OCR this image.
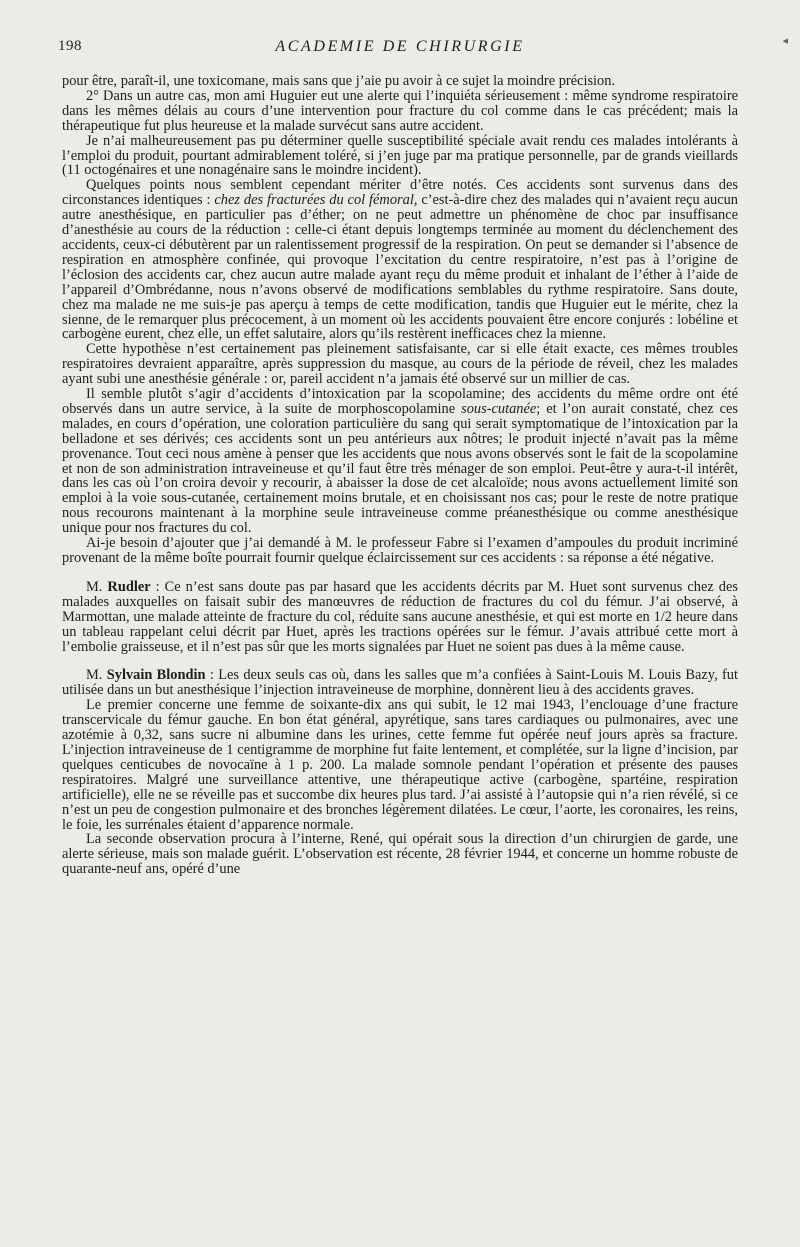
198	ACADEMIE DE CHIRURGIE	◂

pour être, paraît-il, une toxicomane, mais sans que j’aie pu avoir à ce sujet la moindre précision.

2° Dans un autre cas, mon ami Huguier eut une alerte qui l’inquiéta sérieusement : même syndrome respiratoire dans les mêmes délais au cours d’une intervention pour fracture du col comme dans le cas précédent; mais la thérapeutique fut plus heureuse et la malade survécut sans autre accident.

Je n’ai malheureusement pas pu déterminer quelle susceptibilité spéciale avait rendu ces malades intolérants à l’emploi du produit, pourtant admirablement toléré, si j’en juge par ma pratique personnelle, par de grands vieillards (11 octogénaires et une nonagénaire sans le moindre incident).

Quelques points nous semblent cependant mériter d’être notés. Ces accidents sont survenus dans des circonstances identiques : chez des fracturées du col fémoral, c’est-à-dire chez des malades qui n’avaient reçu aucun autre anesthésique, en particulier pas d’éther; on ne peut admettre un phénomène de choc par insuffisance d’anesthésie au cours de la réduction : celle-ci étant depuis longtemps terminée au moment du déclenchement des accidents, ceux-ci débutèrent par un ralentissement progressif de la respiration. On peut se demander si l’absence de respiration en atmosphère confinée, qui provoque l’excitation du centre respiratoire, n’est pas à l’origine de l’éclosion des accidents car, chez aucun autre malade ayant reçu du même produit et inhalant de l’éther à l’aide de l’appareil d’Ombrédanne, nous n’avons observé de modifications semblables du rythme respiratoire. Sans doute, chez ma malade ne me suis-je pas aperçu à temps de cette modification, tandis que Huguier eut le mérite, chez la sienne, de le remarquer plus précocement, à un moment où les accidents pouvaient être encore conjurés : lobéline et carbogène eurent, chez elle, un effet salutaire, alors qu’ils restèrent inefficaces chez la mienne.

Cette hypothèse n’est certainement pas pleinement satisfaisante, car si elle était exacte, ces mêmes troubles respiratoires devraient apparaître, après suppression du masque, au cours de la période de réveil, chez les malades ayant subi une anesthésie générale : or, pareil accident n’a jamais été observé sur un millier de cas.

Il semble plutôt s’agir d’accidents d’intoxication par la scopolamine; des accidents du même ordre ont été observés dans un autre service, à la suite de morphoscopolamine sous-cutanée; et l’on aurait constaté, chez ces malades, en cours d’opération, une coloration particulière du sang qui serait symptomatique de l’intoxication par la belladone et ses dérivés; ces accidents sont un peu antérieurs aux nôtres; le produit injecté n’avait pas la même provenance. Tout ceci nous amène à penser que les accidents que nous avons observés sont le fait de la scopolamine et non de son administration intraveineuse et qu’il faut être très ménager de son emploi. Peut-être y aura-t-il intérêt, dans les cas où l’on croira devoir y recourir, à abaisser la dose de cet alcaloïde; nous avons actuellement limité son emploi à la voie sous-cutanée, certainement moins brutale, et en choisissant nos cas; pour le reste de notre pratique nous recourons maintenant à la morphine seule intraveineuse comme préanesthésique ou comme anesthésique unique pour nos fractures du col.

Ai-je besoin d’ajouter que j’ai demandé à M. le professeur Fabre si l’examen d’ampoules du produit incriminé provenant de la même boîte pourrait fournir quelque éclaircissement sur ces accidents : sa réponse a été négative.

M. Rudler : Ce n’est sans doute pas par hasard que les accidents décrits par M. Huet sont survenus chez des malades auxquelles on faisait subir des manœuvres de réduction de fractures du col du fémur. J’ai observé, à Marmottan, une malade atteinte de fracture du col, réduite sans aucune anesthésie, et qui est morte en 1/2 heure dans un tableau rappelant celui décrit par Huet, après les tractions opérées sur le fémur. J’avais attribué cette mort à l’embolie graisseuse, et il n’est pas sûr que les morts signalées par Huet ne soient pas dues à la même cause.

M. Sylvain Blondin : Les deux seuls cas où, dans les salles que m’a confiées à Saint-Louis M. Louis Bazy, fut utilisée dans un but anesthésique l’injection intraveineuse de morphine, donnèrent lieu à des accidents graves.

Le premier concerne une femme de soixante-dix ans qui subit, le 12 mai 1943, l’enclouage d’une fracture transcervicale du fémur gauche. En bon état général, apyrétique, sans tares cardiaques ou pulmonaires, avec une azotémie à 0,32, sans sucre ni albumine dans les urines, cette femme fut opérée neuf jours après sa fracture. L’injection intraveineuse de 1 centigramme de morphine fut faite lentement, et complétée, sur la ligne d’incision, par quelques centicubes de novocaïne à 1 p. 200. La malade somnole pendant l’opération et présente des pauses respiratoires. Malgré une surveillance attentive, une thérapeutique active (carbogène, spartéine, respiration artificielle), elle ne se réveille pas et succombe dix heures plus tard. J’ai assisté à l’autopsie qui n’a rien révélé, si ce n’est un peu de congestion pulmonaire et des bronches légèrement dilatées. Le cœur, l’aorte, les coronaires, les reins, le foie, les surrénales étaient d’apparence normale.

La seconde observation procura à l’interne, René, qui opérait sous la direction d’un chirurgien de garde, une alerte sérieuse, mais son malade guérit. L’observation est récente, 28 février 1944, et concerne un homme robuste de quarante-neuf ans, opéré d’une
